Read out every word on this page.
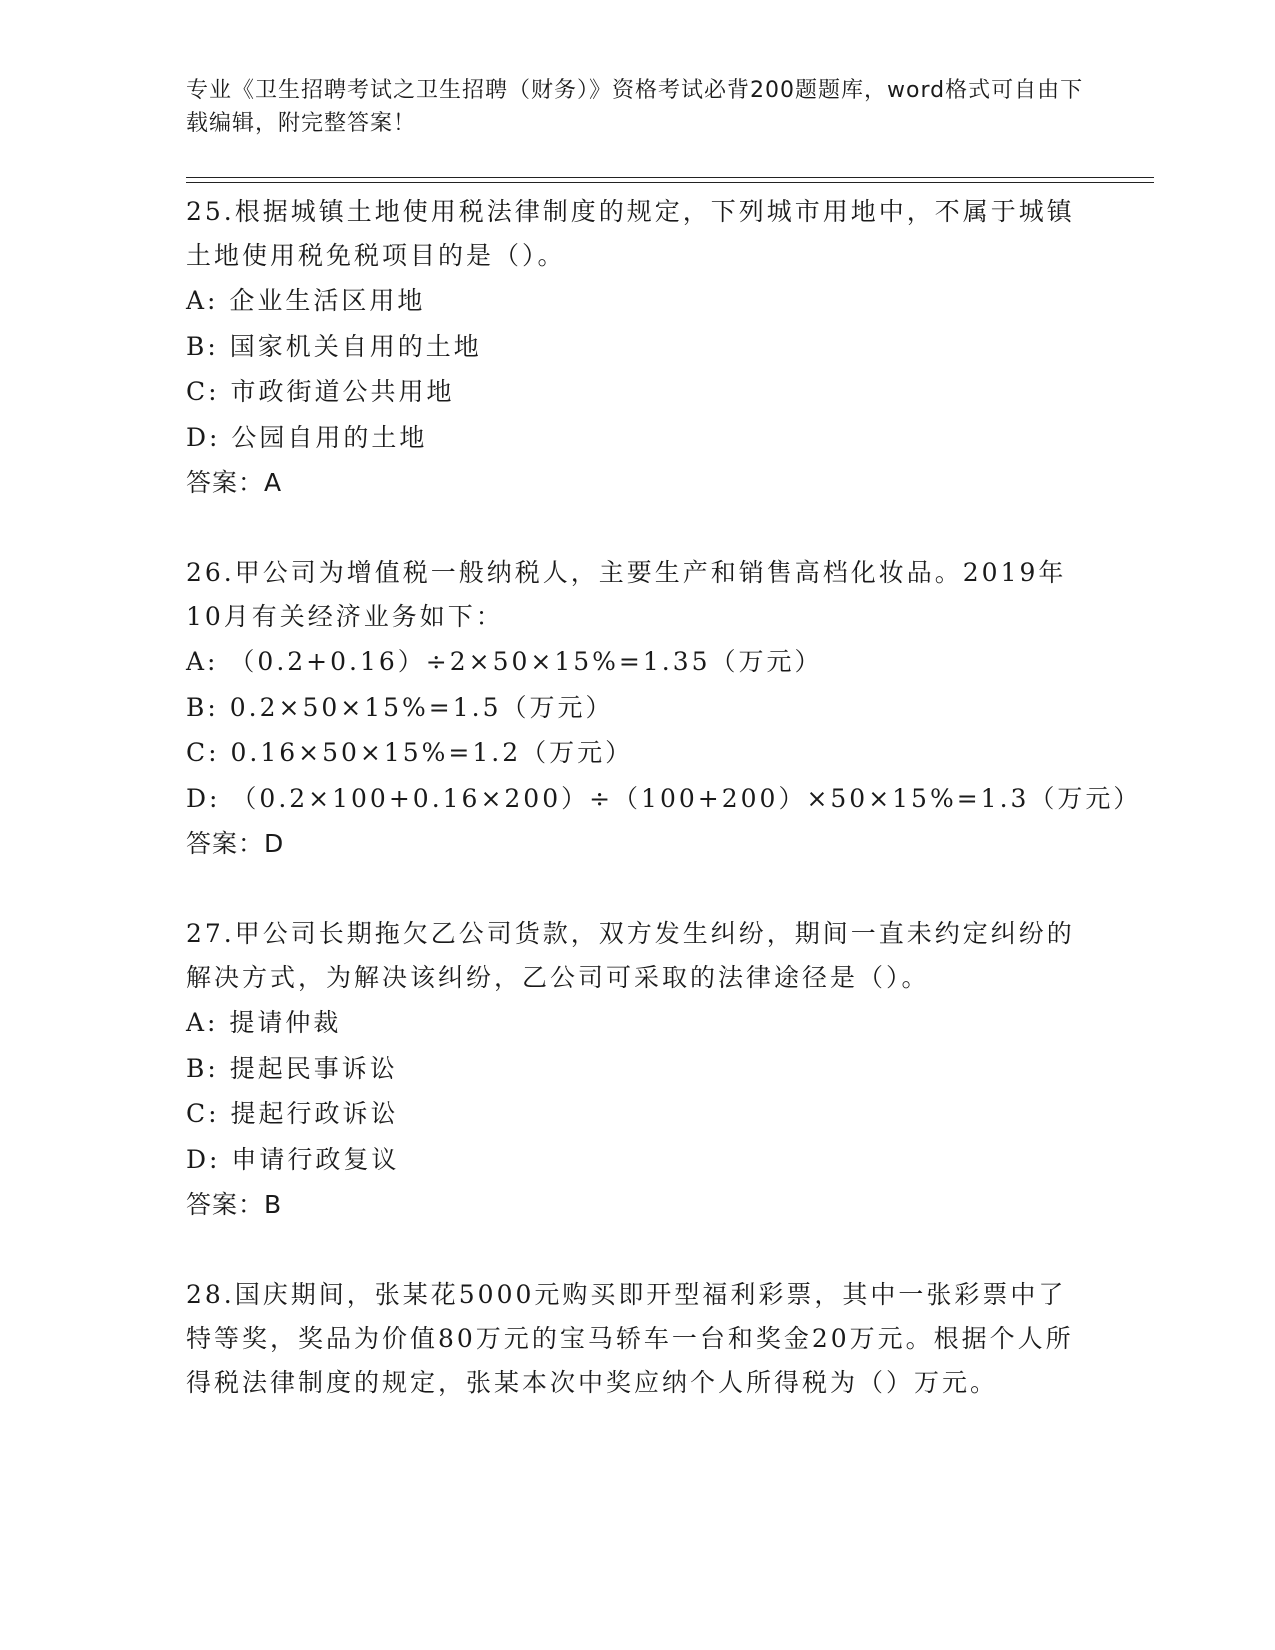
专业《卫生招聘考试之卫生招聘（财务）》资格考试必背200题题库，word格式可自由下载编辑，附完整答案！

25.根据城镇土地使用税法律制度的规定，下列城市用地中，不属于城镇土地使用税免税项目的是（）。

A: 企业生活区用地

B: 国家机关自用的土地

C: 市政街道公共用地

D: 公园自用的土地

答案：A

26.甲公司为增值税一般纳税人，主要生产和销售高档化妆品。2019年10月有关经济业务如下：

A: （0.2+0.16）÷2×50×15%=1.35（万元）

B: 0.2×50×15%=1.5（万元）

C: 0.16×50×15%=1.2（万元）

D: （0.2×100+0.16×200）÷（100+200）×50×15%=1.3（万元）

答案：D

27.甲公司长期拖欠乙公司货款，双方发生纠纷，期间一直未约定纠纷的解决方式，为解决该纠纷，乙公司可采取的法律途径是（）。

A: 提请仲裁

B: 提起民事诉讼

C: 提起行政诉讼

D: 申请行政复议

答案：B

28.国庆期间，张某花5000元购买即开型福利彩票，其中一张彩票中了特等奖，奖品为价值80万元的宝马轿车一台和奖金20万元。根据个人所得税法律制度的规定，张某本次中奖应纳个人所得税为（）万元。
